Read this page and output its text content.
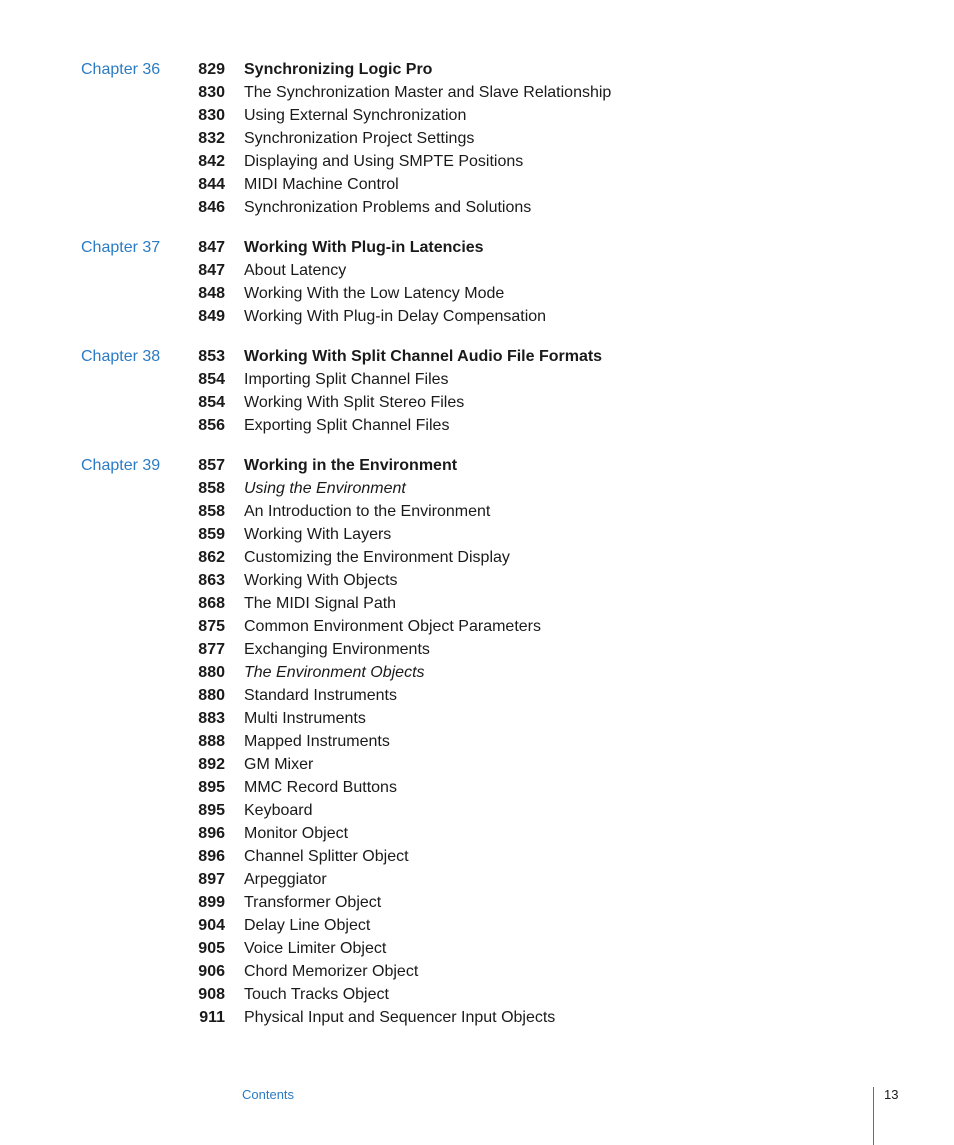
Chapter 36	829 Synchronizing Logic Pro
830 The Synchronization Master and Slave Relationship
830 Using External Synchronization
832 Synchronization Project Settings
842 Displaying and Using SMPTE Positions
844 MIDI Machine Control
846 Synchronization Problems and Solutions
Chapter 37	847 Working With Plug-in Latencies
847 About Latency
848 Working With the Low Latency Mode
849 Working With Plug-in Delay Compensation
Chapter 38	853 Working With Split Channel Audio File Formats
854 Importing Split Channel Files
854 Working With Split Stereo Files
856 Exporting Split Channel Files
Chapter 39	857 Working in the Environment
858 Using the Environment
858 An Introduction to the Environment
859 Working With Layers
862 Customizing the Environment Display
863 Working With Objects
868 The MIDI Signal Path
875 Common Environment Object Parameters
877 Exchanging Environments
880 The Environment Objects
880 Standard Instruments
883 Multi Instruments
888 Mapped Instruments
892 GM Mixer
895 MMC Record Buttons
895 Keyboard
896 Monitor Object
896 Channel Splitter Object
897 Arpeggiator
899 Transformer Object
904 Delay Line Object
905 Voice Limiter Object
906 Chord Memorizer Object
908 Touch Tracks Object
911 Physical Input and Sequencer Input Objects
Contents	13
